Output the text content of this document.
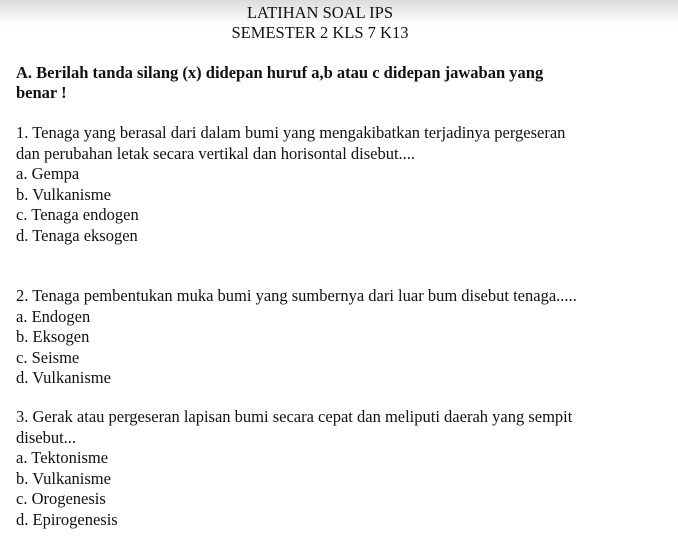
LATIHAN SOAL IPS
SEMESTER 2 KLS 7 K13
A. Berilah tanda silang (x) didepan huruf a,b atau c didepan jawaban yang
benar !
1. Tenaga yang berasal dari dalam bumi yang mengakibatkan terjadinya pergeseran
dan perubahan letak secara vertikal dan horisontal disebut....
a. Gempa
b. Vulkanisme
c. Tenaga endogen
d. Tenaga eksogen
2. Tenaga pembentukan muka bumi yang sumbernya dari luar bum disebut tenaga.....
a. Endogen
b. Eksogen
c. Seisme
d. Vulkanisme
3. Gerak atau pergeseran lapisan bumi secara cepat dan meliputi daerah yang sempit
disebut...
a. Tektonisme
b. Vulkanisme
c. Orogenesis
d. Epirogenesis
